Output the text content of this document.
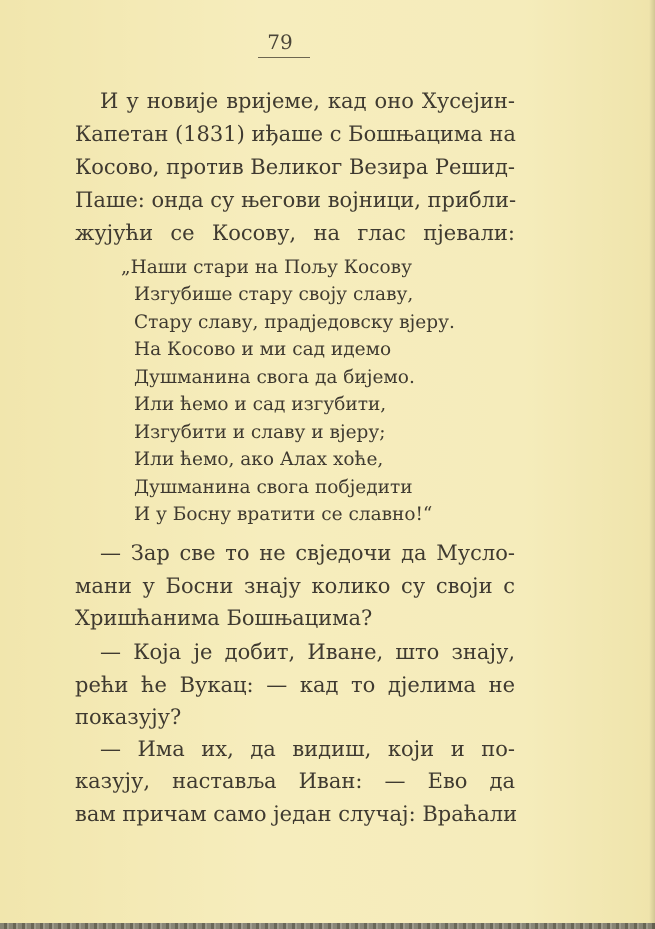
79
И у новије вријеме, кад оно Хусејин-
Капетан (1831) иђаше с Бошњацима на
Косово, против Великог Везира Решид-
Паше: онда су његови војници, прибли-
жујући се Косову, на глас пјевали:
„Наши стари на Пољу Косову
Изгубише стару своју славу,
Стару славу, прадједовску вјеру.
На Косово и ми сад идемо
Душманина свога да бијемо.
Или ћемо и сад изгубити,
Изгубити и славу и вјеру;
Или ћемо, ако Алах хоће,
Душманина свога побједити
И у Босну вратити се славно!“
— Зар све то не свједочи да Мусло-
мани у Босни знају колико су своји с
Хришћанима Бошњацима?
— Која је добит, Иване, што знају,
рећи ће Вукац: — кад то дјелима не
показују?
— Има их, да видиш, који и по-
казују, наставља Иван: — Ево да
вам причам само један случај: Враћали
